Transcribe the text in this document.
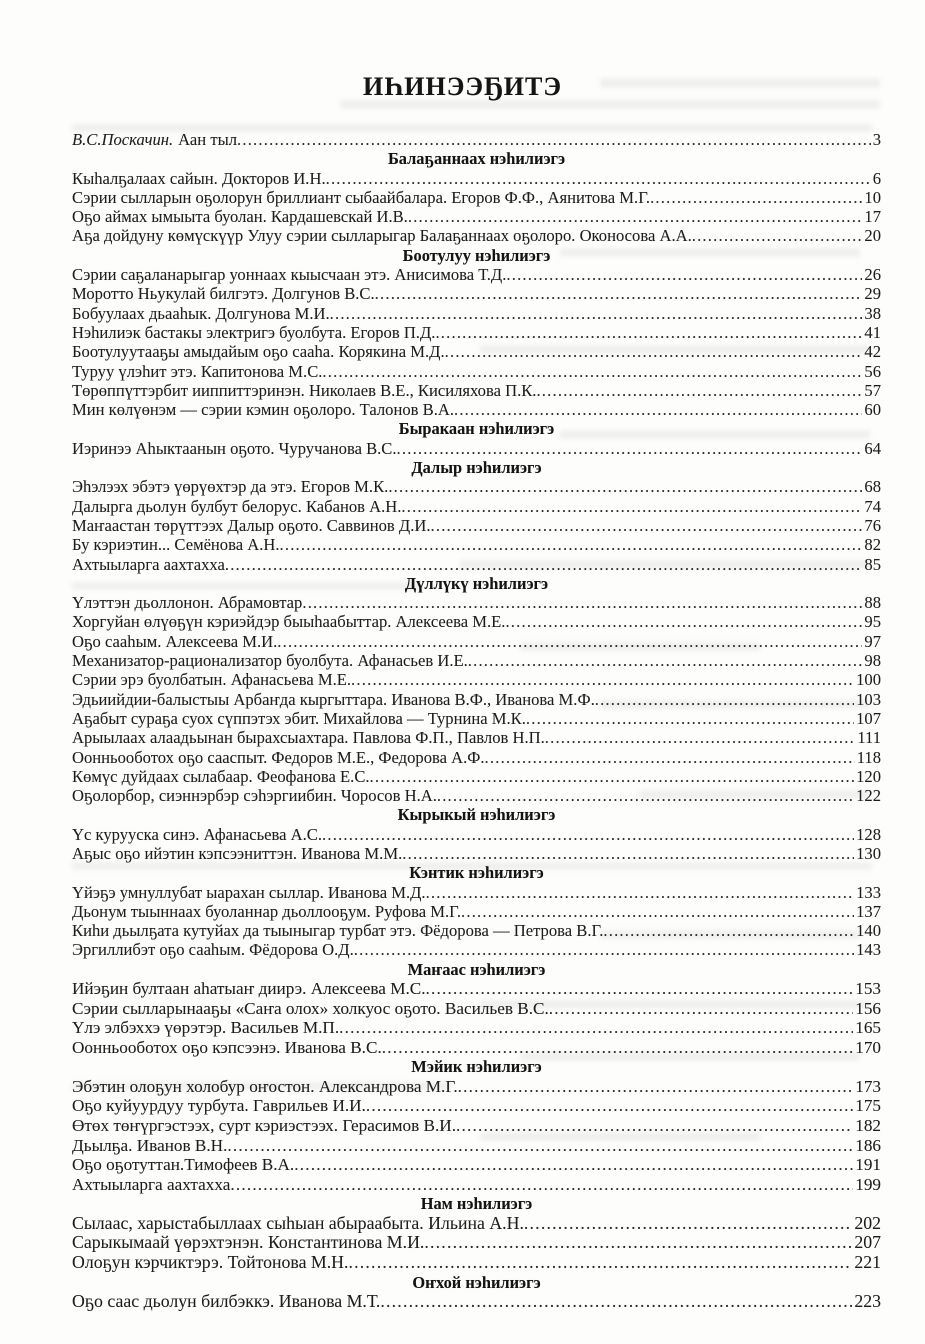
ИҺИНЭЭҔИТЭ
В.С.Поскачин. Аан тыл .....	3
Балаҕаннаах нэһилиэгэ
Кыһалҕалаах сайын. Докторов И.Н. .....	6
Сэрии сылларын оҕолорун бриллиант сыбаайбалара. Егоров Ф.Ф., Аянитова М.Г. .....	10
Оҕо аймах ымыыта буолан. Кардашевскай И.В. .....	17
Аҕа дойдуну көмүскүүр Улуу сэрии сылларыгар Балаҕаннаах оҕолоро. Оконосова А.А. .....	20
Боотулуу нэһилиэгэ
Сэрии саҕаланарыгар уоннаах кыысчаан этэ. Анисимова Т.Д. .....	26
Моротто Ньукулай билгэтэ. Долгунов В.С. .....	29
Бобуулаах дьааһык. Долгунова М.И. .....	38
Нэһилиэк бастакы электригэ буолбута. Егоров П.Д. .....	41
Боотулуутааҕы амыдайым оҕо сааһа. Корякина М.Д. .....	42
Туруу үлэһит этэ. Капитонова М.С. .....	56
Төрөппүттэрбит ииппиттэринэн. Николаев В.Е., Кисиляхова П.К. .....	57
Мин көлүөнэм — сэрии кэмин оҕолоро. Талонов В.А. .....	60
Быракаан нэһилиэгэ
Иэринээ Аһыктаанын оҕото. Чуручанова В.С. .....	64
Далыр нэһилиэгэ
Эһэлээх эбэтэ үөрүөхтэр да этэ. Егоров М.К. .....	68
Далырга дьолун булбут белорус. Кабанов А.Н. .....	74
Маҥаастан төрүттээх Далыр оҕото. Саввинов Д.И. .....	76
Бу кэриэтин... Семёнова А.Н. .....	82
Ахтыыларга аахтахха .....	85
Дүллүкү нэһилиэгэ
Үлэттэн дьоллонон. Абрамовтар .....	88
Хоргуйан өлүөҕүн кэриэйдэр быыһаабыттар. Алексеева М.Е. .....	95
Оҕо сааһым. Алексеева М.И. .....	97
Механизатор-рационализатор буолбута. Афанасьев И.Е. .....	98
Сэрии эрэ буолбатын. Афанасьева М.Е. .....	100
Эдьиийдии-балыстыы Арбаҥда кыргыттара. Иванова В.Ф., Иванова М.Ф. .....	103
Аҕабыт сураҕа суох сүппэтэх эбит. Михайлова — Турнина М.К. .....	107
Арыылаах алаадьынан бырахсыахтара. Павлова Ф.П., Павлов Н.П. .....	111
Оонньооботох оҕо сааспыт. Федоров М.Е., Федорова А.Ф. .....	118
Көмүс дуйдаах сылабаар. Феофанова Е.С. .....	120
Оҕолорбор, сиэннэрбэр сэһэргиибин. Чоросов Н.А. .....	122
Кырыкый нэһилиэгэ
Үс курууска синэ. Афанасьева А.С. .....	128
Аҕыс оҕо ийэтин кэпсээниттэн. Иванова М.М. .....	130
Кэнтик нэһилиэгэ
Үйэҕэ умнуллубат ыарахан сыллар. Иванова М.Д. .....	133
Дьонум тыыннаах буоланнар дьоллооҕум. Руфова М.Г. .....	137
Киһи дьылҕата кутуйах да тыыныгар турбат этэ. Фёдорова — Петрова В.Г. .....	140
Эргиллибэт оҕо сааһым. Фёдорова О.Д. .....	143
Маҥаас нэһилиэгэ
Ийэҕин бултаан аһатыаҥ диирэ. Алексеева М.С. .....	153
Сэрии сылларынааҕы «Саҥа олох» холкуос оҕото. Васильев В.С. .....	156
Үлэ элбэххэ үөрэтэр. Васильев М.П. .....	165
Оонньооботох оҕо кэпсээнэ. Иванова В.С. .....	170
Мэйик нэһилиэгэ
Эбэтин олоҕун холобур оҥостон. Александрова М.Г. .....	173
Оҕо куйуурдуу турбута. Гаврильев И.И. .....	175
Өтөх төҥүргэстээх, сурт кэриэстээх. Герасимов В.И. .....	182
Дьылҕа. Иванов В.Н. .....	186
Оҕо оҕотуттан.Тимофеев В.А. .....	191
Ахтыыларга аахтахха .....	199
Нам нэһилиэгэ
Сылаас, харыстабыллаах сыһыан абыраабыта. Ильина А.Н. .....	202
Сарыкымаай үөрэхтэнэн. Константинова М.И. .....	207
Олоҕун кэрчиктэрэ. Тойтонова М.Н. .....	221
Оҥхой нэһилиэгэ
Оҕо саас дьолун билбэккэ. Иванова М.Т. .....	223
